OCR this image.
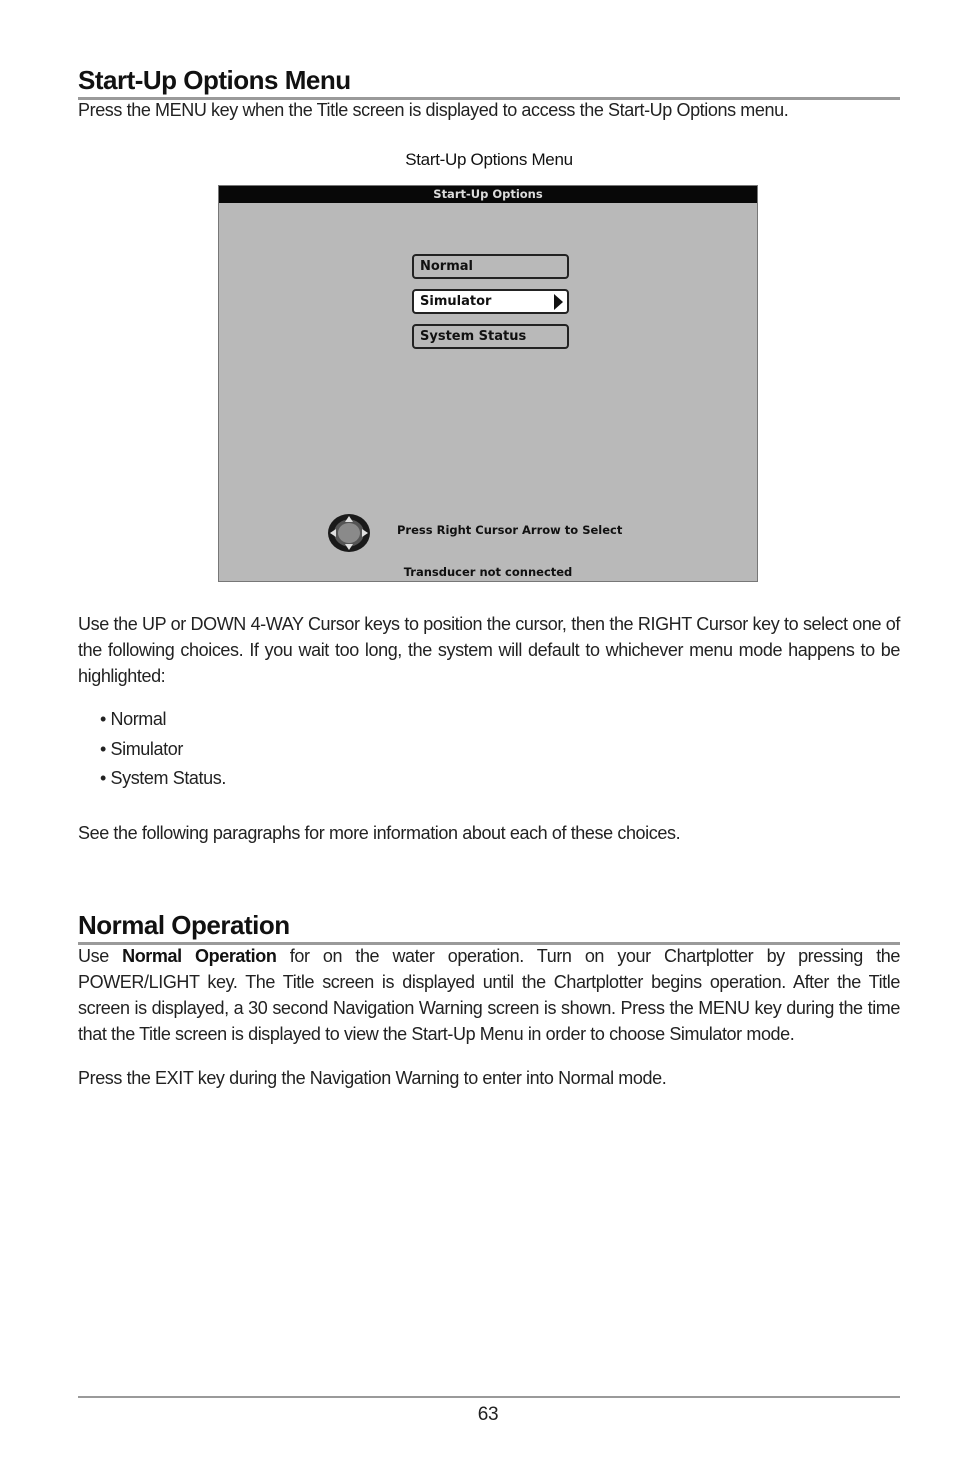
Start-Up Options Menu

Press the MENU key when the Title screen is displayed to access the Start-Up Options menu.

Start-Up Options Menu
Start-Up Options
Normal
Simulator
System Status
Press Right Cursor Arrow to Select
Transducer not connected

Use the UP or DOWN 4-WAY Cursor keys to position the cursor, then the RIGHT Cursor key to select one of the following choices. If you wait too long, the system will default to whichever menu mode happens to be highlighted:

• Normal
• Simulator
• System Status.

See the following paragraphs for more information about each of these choices.

Normal Operation

Use Normal Operation for on the water operation. Turn on your Chartplotter by pressing the POWER/LIGHT key. The Title screen is displayed until the Chartplotter begins operation. After the Title screen is displayed, a 30 second Navigation Warning screen is shown. Press the MENU key during the time that the Title screen is displayed to view the Start-Up Menu in order to choose Simulator mode.

Press the EXIT key during the Navigation Warning to enter into Normal mode.

63
